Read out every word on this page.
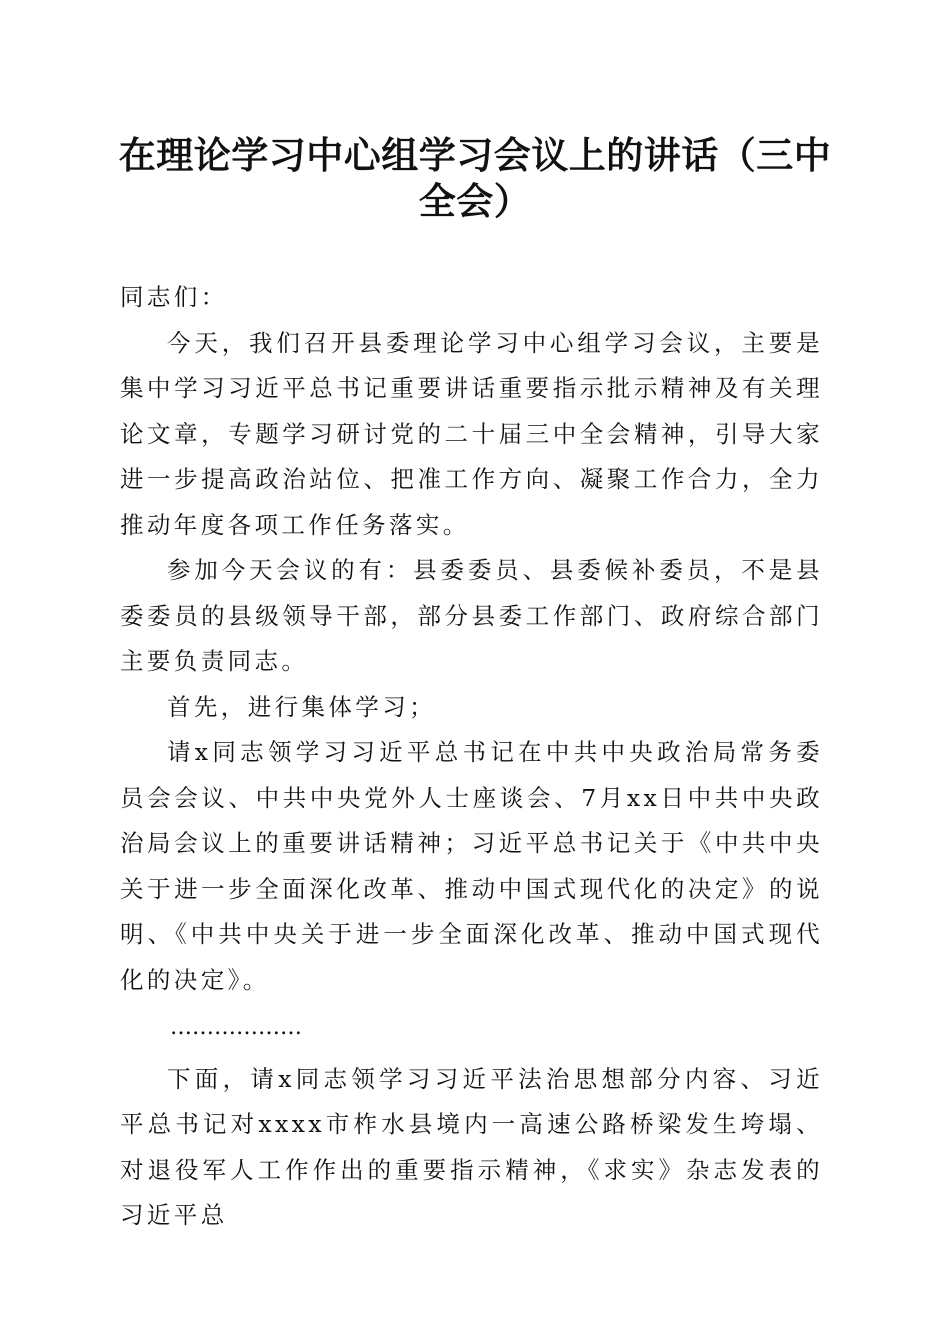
在理论学习中心组学习会议上的讲话（三中全会）

同志们：

今天，我们召开县委理论学习中心组学习会议，主要是集中学习习近平总书记重要讲话重要指示批示精神及有关理论文章，专题学习研讨党的二十届三中全会精神，引导大家进一步提高政治站位、把准工作方向、凝聚工作合力，全力推动年度各项工作任务落实。

参加今天会议的有：县委委员、县委候补委员，不是县委委员的县级领导干部，部分县委工作部门、政府综合部门主要负责同志。

首先，进行集体学习；

请x同志领学习习近平总书记在中共中央政治局常务委员会会议、中共中央党外人士座谈会、7月xx日中共中央政治局会议上的重要讲话精神；习近平总书记关于《中共中央关于进一步全面深化改革、推动中国式现代化的决定》的说明、《中共中央关于进一步全面深化改革、推动中国式现代化的决定》。

………………

下面，请x同志领学习习近平法治思想部分内容、习近平总书记对xxxx市柞水县境内一高速公路桥梁发生垮塌、对退役军人工作作出的重要指示精神，《求实》杂志发表的习近平总
